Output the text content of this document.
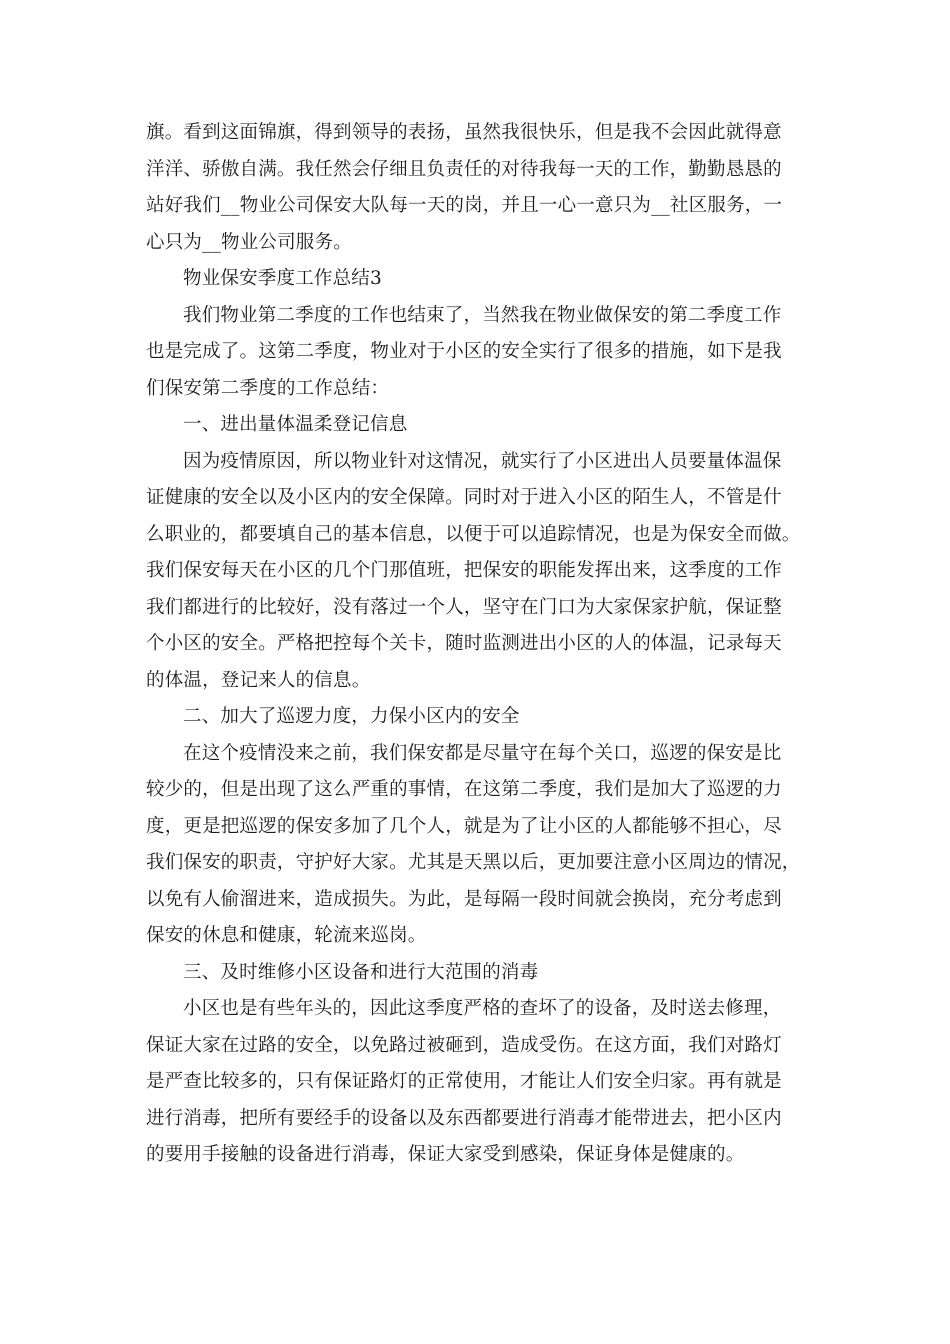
旗。看到这面锦旗，得到领导的表扬，虽然我很快乐，但是我不会因此就得意

洋洋、骄傲自满。我任然会仔细且负责任的对待我每一天的工作，勤勤恳恳的

站好我们__物业公司保安大队每一天的岗，并且一心一意只为__社区服务，一

心只为__物业公司服务。

物业保安季度工作总结3

我们物业第二季度的工作也结束了，当然我在物业做保安的第二季度工作

也是完成了。这第二季度，物业对于小区的安全实行了很多的措施，如下是我

们保安第二季度的工作总结：

一、进出量体温柔登记信息

因为疫情原因，所以物业针对这情况，就实行了小区进出人员要量体温保

证健康的安全以及小区内的安全保障。同时对于进入小区的陌生人，不管是什

么职业的，都要填自己的基本信息，以便于可以追踪情况，也是为保安全而做。

我们保安每天在小区的几个门那值班，把保安的职能发挥出来，这季度的工作

我们都进行的比较好，没有落过一个人，坚守在门口为大家保家护航，保证整

个小区的安全。严格把控每个关卡，随时监测进出小区的人的体温，记录每天

的体温，登记来人的信息。

二、加大了巡逻力度，力保小区内的安全

在这个疫情没来之前，我们保安都是尽量守在每个关口，巡逻的保安是比

较少的，但是出现了这么严重的事情，在这第二季度，我们是加大了巡逻的力

度，更是把巡逻的保安多加了几个人，就是为了让小区的人都能够不担心，尽

我们保安的职责，守护好大家。尤其是天黑以后，更加要注意小区周边的情况，

以免有人偷溜进来，造成损失。为此，是每隔一段时间就会换岗，充分考虑到

保安的休息和健康，轮流来巡岗。

三、及时维修小区设备和进行大范围的消毒

小区也是有些年头的，因此这季度严格的查坏了的设备，及时送去修理，

保证大家在过路的安全，以免路过被砸到，造成受伤。在这方面，我们对路灯

是严查比较多的，只有保证路灯的正常使用，才能让人们安全归家。再有就是

进行消毒，把所有要经手的设备以及东西都要进行消毒才能带进去，把小区内

的要用手接触的设备进行消毒，保证大家受到感染，保证身体是健康的。
